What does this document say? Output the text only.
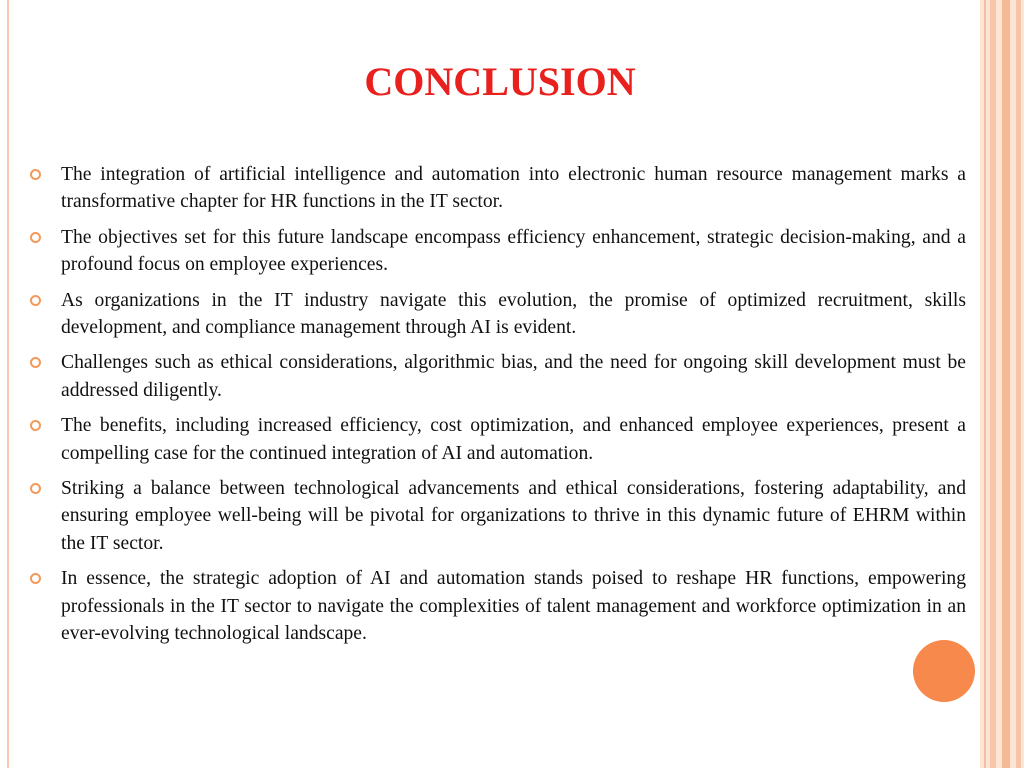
CONCLUSION
The integration of artificial intelligence and automation into electronic human resource management marks a transformative chapter for HR functions in the IT sector.
The objectives set for this future landscape encompass efficiency enhancement, strategic decision-making, and a profound focus on employee experiences.
As organizations in the IT industry navigate this evolution, the promise of optimized recruitment, skills development, and compliance management through AI is evident.
Challenges such as ethical considerations, algorithmic bias, and the need for ongoing skill development must be addressed diligently.
The benefits, including increased efficiency, cost optimization, and enhanced employee experiences, present a compelling case for the continued integration of AI and automation.
Striking a balance between technological advancements and ethical considerations, fostering adaptability, and ensuring employee well-being will be pivotal for organizations to thrive in this dynamic future of EHRM within the IT sector.
In essence, the strategic adoption of AI and automation stands poised to reshape HR functions, empowering professionals in the IT sector to navigate the complexities of talent management and workforce optimization in an ever-evolving technological landscape.
